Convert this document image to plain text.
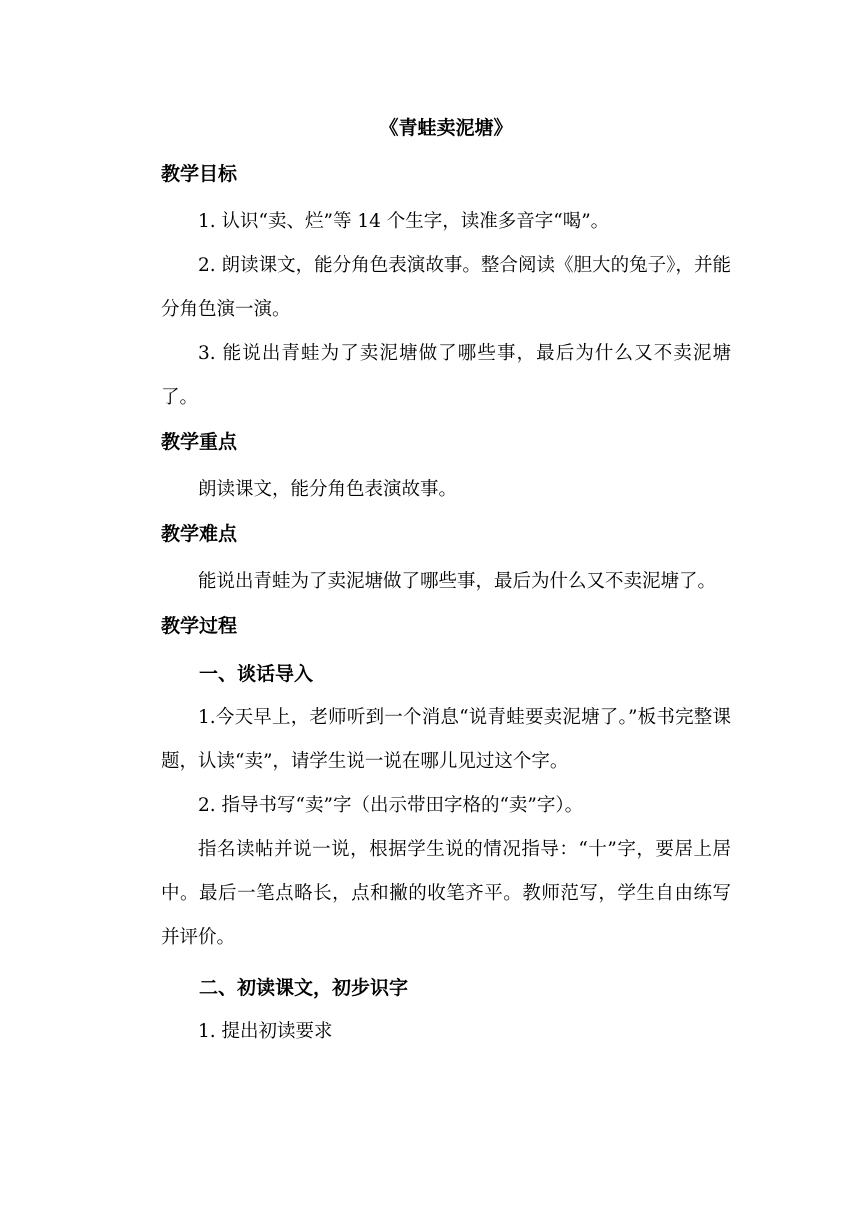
《青蛙卖泥塘》
教学目标

1. 认识“卖、烂”等 14 个生字，读准多音字“喝”。

2. 朗读课文，能分角色表演故事。整合阅读《胆大的兔子》，并能分角色演一演。

3. 能说出青蛙为了卖泥塘做了哪些事，最后为什么又不卖泥塘了。

教学重点

朗读课文，能分角色表演故事。

教学难点

能说出青蛙为了卖泥塘做了哪些事，最后为什么又不卖泥塘了。

教学过程
一、谈话导入

1.今天早上，老师听到一个消息“说青蛙要卖泥塘了。”板书完整课题，认读“卖”，请学生说一说在哪儿见过这个字。

2. 指导书写“卖”字（出示带田字格的“卖”字）。

指名读帖并说一说，根据学生说的情况指导：“十”字，要居上居中。最后一笔点略长，点和撇的收笔齐平。教师范写，学生自由练写并评价。

二、初读课文，初步识字

1. 提出初读要求
